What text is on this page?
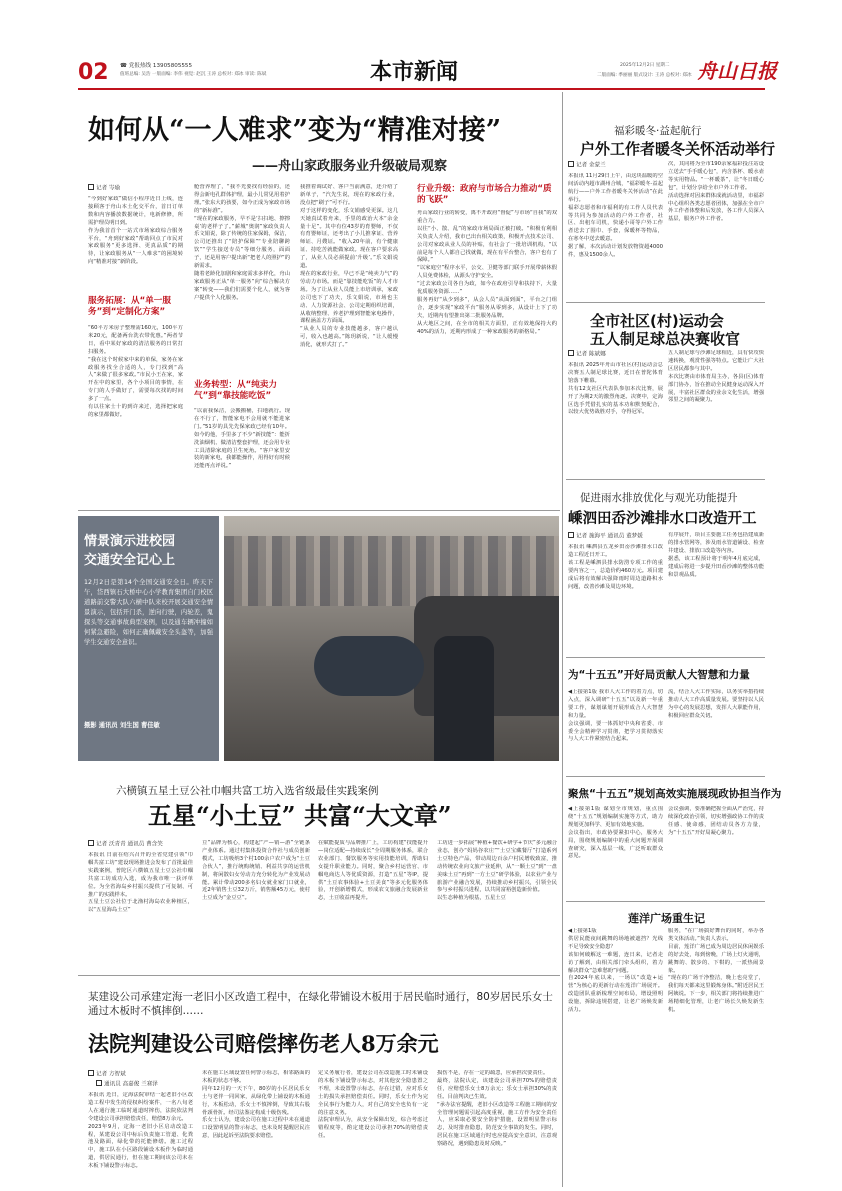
02 ☎ 党报热线 13905805555
值班总编: 吴浩 一版面编: 李伟 视觉: 赵沉 王涛 总校对: 郑冰 审读: 陈斌	本市新闻	2025年12月2日 星期二
二版面编: 季丽丽 版式设计: 王涛 总校对: 郑冰 舟山日报
如何从“一人难求”变为“精准对接”
——舟山家政服务业升级破局观察
记者 岑瑜
“今到好家政”做信小程序近日上线，连接顾客于舟山本土化交平台，首日订单数和内容播放数据统计，电新修修，所需护理员明日到。
作为我首首个一站式市场家政综合服务平台，“舟到好家政”帮助回点了市民对家政服务“更多选择、更真品质”的期待，让家政服务从“一人难求”的困境转向“精准对接”新阶段。
服务拓展：从“单一服务”到“定制化方案”
“60平方米房子整理需160元，100平方米20元，配备两台洗衣带优惠。”两者节日，看中某好家政的清洁服务的日常打扫服务。
“我在这个时候家中来的单保，家务在家政服务找全合适的人，专门找到“高人”来做了很多家政。”市民小王在家，家开在中的家里，各个小项目的事情，在专门的人手做好了，需要每次找的时间多了一点。
有以往家士十的到许来过，选择把家庭的家里都做好。
舱营养理了，“我不光要找有经验的，还得会新电孔群体护理，最小儿常见用着护理。”张东大的孩要，如今正成为家政市场的“新标准”。
“现在的家政服务，早不是‘扫扫地、擦擦桌’的老样子了。”薪城“奥润”家政负责人乐文娟说，除了传统的住家保姆，保洁，公司还推出了“陪护保障”“专业陪聊跨饮”“学生接送专员”等细分服务，面面子，还是用客户提出新“把老人的照护”的新需求。
随着老龄化加剧和家庭需求多样化，舟山家政服务正从“单一服务”向“综合解决方案”转变——我们们需要个化人，就为客户提供个人化服务。
业务转型：从“纯卖力气”到“靠技能吃饭”
“以前我保洁，会搬搬桶，扫地就行。现在不行了，智能家电不会用就不能进家门。”51岁的具先先保家政已经有10年。如今的他，手里多了不少“新技能”：能折洗油烟机、做清洁整套护理，还会用专业工具清除家庭的卫生死角。“客户家里安装的新家电，我都能操作，用得好有时候还能再点评说。”
我推着调试好、客户当前满意，还介绍了新单子，“汽先生说，现在的家政行业，没点把“刷子”可不行。
对于这样的变化，乐文娟感受更深。这几天她真试着舟来，手里的政治大本“余金量十足”。其中有位43岁的育婴师，不仅有育婴师证，还考出了小儿推拿证、营养师证、月嫂证。“收入20年前，有个健康证、持吃苦就能做家政。现在客户要求高了，从业人员必须提前‘升级’。”乐文娟说道。
现在的家政行业，早已不是“纯卖力气”的劳动力市场。而是“靠技能吃饭”的人才市场。为了让从业人员能上市培训承，家政公司也下了功夫，乐文娟说，市场也主动、人力资源社会、公司定期组织培训，从收纳整理、养老护理到智能家电操作，课程涵盖方方面面。
“从业人员的专业技能越多，客户越认可，收入也越高。”陈玥新说，“让人缓慢消化，就形式打了。”
行业升级：政府与市场合力推动“质的飞跃”
舟山家政行业的转变，离不开政府“督促”与市场“自我”的双重合力。
以往“小、散、乱”的家政市场局面正被打破。“积极有利相关负责人介绍，我市已出台相关政策，积极开点技术公司、公司对家政从业人员的补贴，有社会了一批培训机构，“以前是每个人人都自己找就做，现在有平台整合，客户也有了保障。”
“以家庭空”程序水平，公交、卫健等部门联手开展带薪休假人员免费体检，从源头守护安全。
“过去家政公司各自为政，如今在政府引导和扶持下，大量优质服务资源……”
服务再好“从少到多”，从会人员“从面到面”，平台之门组合，逐步实现“家政平台”服务从零到多，从设计上下了功夫，近期内有望推出第二批服务品牌。
从大地区之间，在全市的相关方面里，正有效地保持大约40%的活力，近期内形成了一种家政服务的新格局。”
情景演示进校园
交通安全记心上
12月2日是第14个全国交通安全日。昨天下午，岱西镇石大桥中心小学教育集团自门校区道路前交警大队六横中队来校开展交通安全情景演示，包括开门杀，逆向行驶，内轮差，鬼探头等交通事故典型案例，以及通车辆冲撞如何紧急避险，如何正确佩戴安全头盔等，加强学生交通安全意识。
摄影 通讯员 刘生国 曹佳敏
六横镇五星土豆公社巾帼共富工坊入选省级最佳实践案例
五星“小土豆” 共富“大文章”
记者 沃青青 通讯员 曹含笑
本报讯 日前在绍兴召开的全省党建引领“巾帼共富工坊”建设现场推进会发布了首批最佳实践案例，普陀区六横镇五星土豆公社巾帼共富工坊成功入选，成为我市唯一获评单位。为全省海岛乡村振兴提供了可复制、可推广的实践样本。
五星土豆公社位于北渔村海岛农业种植区，以“五星海岛土豆”
豆”品牌为核心，构建起“产—销—游”全链条产业体系。通过村集体投资合作社与成员创新模式，工坊吸纳3个村100余户农户成为“土豆合伙人”，推行统购统销、利益共享的运营机制，将闲散妇女劳动力充分转化为产业发展动能。累计带动200多名妇女就业家门口就业，近2年销售土豆32万斤，销售额45万元，使村土豆成为“金豆豆”。
在赋能提质与品牌推广上，工坊构建“技能提升—岗位适配—持续成长”全周期服务体系，联合农业部门、餐饮服务等实用技能培训，帮助妇女提升职业能力。同时，聚合乡村运营官、市帼电商达人等优质资源，打造“五星”等IP，提供“土豆农事体验+土豆美食”等多元化服务体验，开创新增模式，形成农文旅融合发展新业态，土豆收益再提升。
工坊进一步拓展“种植+餐饮+研学+节庆”多元融合业态，创办“妈妈谷农庄”“土豆宝藏餐厅”打造系列土豆特色产品，带动周边百余户村民增收致富，推动传统农业向文旅产业延伸，从“一颗土豆”到“一盘美味土豆”再到“一方土豆”研学体验，以农业产业与旅游产业融合发展，持续推动乡村振兴，引领全民参与乡村振兴进程，以共同富裕创造新价值。
以生态种植为根基，五星土豆
某建设公司承建定海一老旧小区改造工程中，在绿化带铺设木板用于居民临时通行，80岁居民乐女士通过木板时不慎摔倒……
法院判建设公司赔偿摔伤老人8万余元
记者 方智斌
通讯员 高嘉俊 兰赛泽
本报讯 近日，定海法院审结一起老旧小区改造工程中发生的侵权纠纷案件，一名八旬老人在通行施工临时通道时摔伤，法院依法判令建设公司承担赔偿责任，赔偿8万余元。
2023年9月，定海一老旧小区启动改造工程，某建设公司中标后负责施工管道、化粪池及路面，绿化带的托能修缮。施工过程中，施工队在小区路段铺设木板作为临时通道，供居民通行，但在施工期间该公司未在木板下铺设警示标志。
未在施工区域设置任何警示标志，相邻路面的木板的状态不够。
同年12月的一天下午，80岁的小区居民乐女士与老伴一同回家，从绿化带上铺设的木板通行，木板松动，乐女士不慎摔倒，导致其右股骨颈骨折。经司法鉴定构成十级伤残。
乐女士认为，建设公司在施工过程中未在通道口设置明显的警示标志，也未及时提醒居民注意，因此起诉至法院要求赔偿。
定义务履行者，建设公司在改造施工时未铺设的木板下铺设警示标志，对其他安全隐患置之不理，未设置警示标志，存在过错，应对乐女士的损失承担赔偿责任。同时，乐女士作为完全民事行为能力人，对自己的安全也负有一定的注意义务。
法院审理认为，从安全保障出发，综合考虑过错程度等，酌定建设公司承担70%的赔偿责任。
损伤不是，存在一定的疏忽，应承担次要责任。
最终，法院认定，该建设公司承担70%的赔偿责任，应赔偿乐女士8万余元；乐女士承担30%的责任。目前判决已生效。
“承办法官提醒，老旧小区改造等工程施工期间的安全管理问题需引起高度重视，施工方作为安全责任人，应采取必要安全防护措施，设置明显警示标志，及时排查隐患，防范安全事故的发生。同时，居民在施工区域通行时也应提高安全意识，注意观察路况，遇到隐患及时反映。”
福彩暖冬·益起航行
户外工作者暖冬关怀活动举行
记者 金蒙兰
本报讯 11月29日上午，由这块温暖的空间活动内超市湖州合城，“福彩暖冬·益起航行——户外工作者暖冬关怀活动”在此举行。
福彩志愿者和市福利的有工作人员代表等共同为参加活动的户外工作者，社区、出租车司机，快递小哥等户外工作者送去了围巾、手套，保暖杯等物品，在寒冬中送去暖意。
据了解，本次活动计划发放物资超4000件，惠及1500余人。
次，其同将为全市190余家福彩投注站设立送去“手手暖心包”，内含茶杯、暖水壶等实用物品。“一杯暖茶”，让“冬日暖心包”，计划分享给全市户外工作者。
活动选择对因来群体成就活动里，市福彩中心组织各类志愿者团体，加强在全市户外工作者体整和后发放，各工作人员深入基层，服务户外工作者。
全市社区(村)运动会
五人制足球总决赛收官
记者 陈斌娜
本报讯 2025年舟山市社区(村)运动会总决赛五人制足球比赛，近日在普陀体育馆落下帷幕。
共有12支社区代表队参加本次比赛，展开了为期2天的激烈角逐。决赛中，定海区选手凭借扎实的基本功和默契配合，以较大优势战胜对手，夺得冠军。
五人制足球与沙滩足球相近，具有快攻快速转换，观赏性强等特点。它能让广大社区居民都参与其中。
本次比赛由市体育局主办，各县(区)体育部门协办，旨在推动全民健身运动深入开展，丰富社区群众的业余文化生活，增强邻里之间的凝聚力。
促进雨水排放优化与观光功能提升
嵊泗田岙沙滩排水口改造开工
记者 施海平 通讯员 董梦媛
本报讯 嵊泗县五龙乡田岙沙滩排水口改造工程近日开工。
该工程是嵊泗县排水防涝专项工作的重要内容之一，总造价约460万元。项目建成后将有效解决强降雨时周边道路积水问题，改善沙滩及周边环境。
有序展开，项目主要施工任务包括建成新的排水管网等，涉及雨水管道铺设、检查井建设、排放口改造等内容。
据悉，该工程预计将于明年4月底完成，建成后将进一步提升田岙沙滩的整体功能和景观品质。
为“十五五”开好局贡献人大智慧和力量
◀上接第1版 我市人大工作的着力点，切入点，深入调研“十五五”以及新一年重要工作，谋划谋划开展形成合人大智慧和力量。
会议强调，要一体抓好中央和省委、市委全会精神学习贯彻，把学习贯彻落实与人大工作紧密结合起来。
流，结合人大工作实际，以务实举措持续推动人大工作高质量发展。要坚持以人民为中心的发展思想，发挥人大职能作用，积极回应群众关切。
聚焦“十五五”规划高效实施展现政协担当作为
◀上接第1版 谋划全市规划，重点围绕“十五五”规划编制实施等方式，助力规划更加科学、更加有效地实施。
会议指出，市政协要紧扣中心，服务大局，围绕规划编制中的重大问题开展调查研究，深入基层一线，广泛听取群众意见。
会议强调，要准确把握全面从严治党，持续深化政治引领，切实增强政协工作的责任感、使命感，团结动员各方力量，为“十五五”开好局凝心聚力。
莲洋广场重生记
◀上接第1版
供居民能夜间跳舞的场地被遮挡？光线不足导致安全隐患？
该如何破解这一难题，连日来，记者走访了解到，由相关部门牵头组织，着力解决群众“急难愁盼”问题。
自2024年底以来，一场以“改造+运营”为核心的更新行动在莲洋广场展开。改造团队重新梳理空间布局，增设照明设施，拆除违规搭建，让老广场焕发新活力。
服务，“在广场搞好舞台的同时，举办各类文体活动。”负责人表示。
目前，莲洋广场已成为周边居民休闲娱乐的好去处，每到傍晚，广场上灯火通明，跳舞的、散步的、下棋的，一派热闹景象。
“现在的广场干净整洁，晚上也亮堂了，我们每天都来这里锻炼身体。”附近居民王阿姨说。下一步，相关部门将持续推进广场精细化管理，让老广场长久焕发新生机。
